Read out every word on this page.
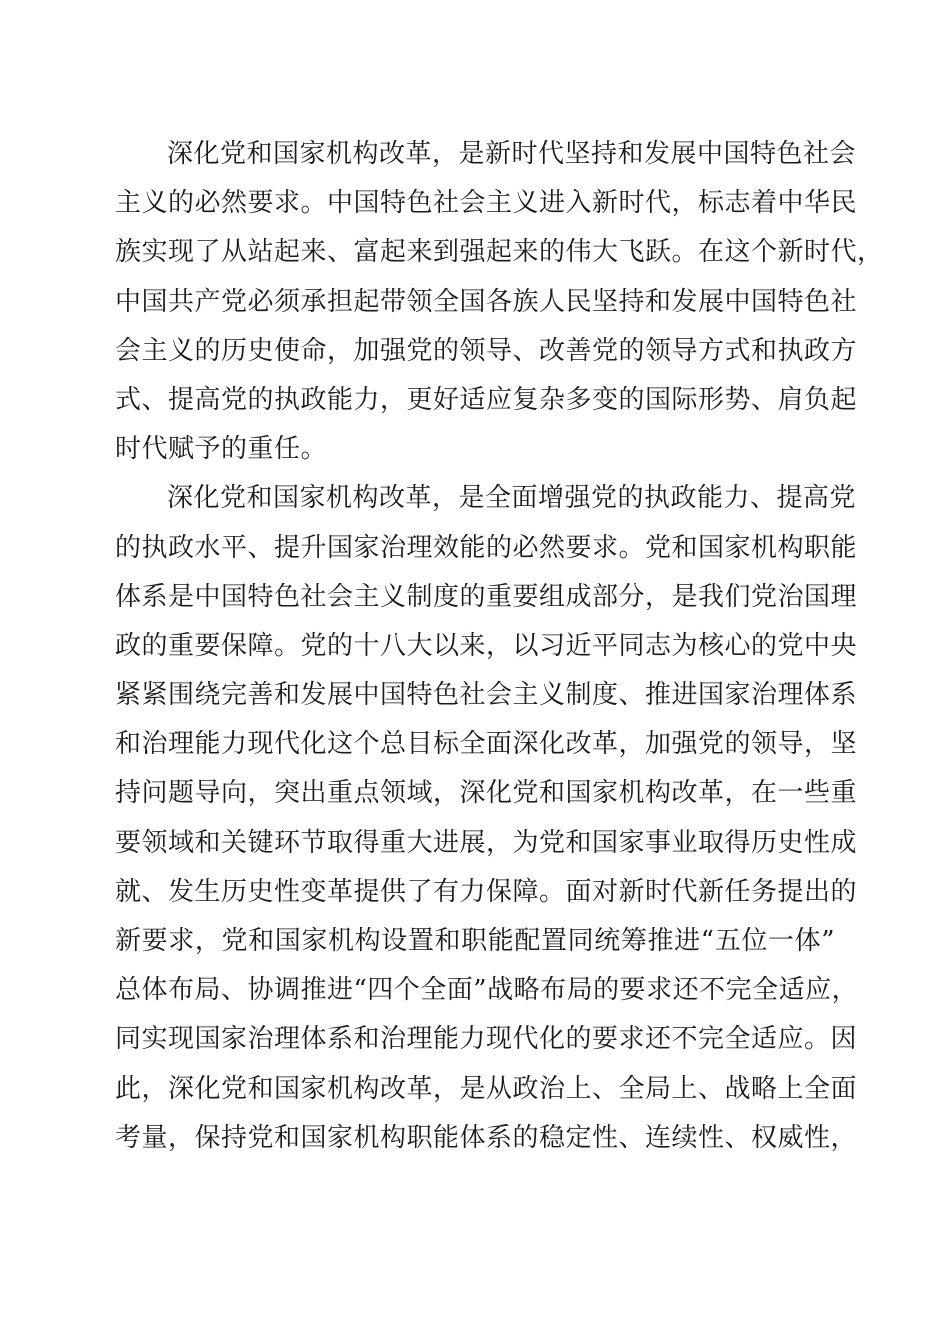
深化党和国家机构改革，是新时代坚持和发展中国特色社会
主义的必然要求。中国特色社会主义进入新时代，标志着中华民
族实现了从站起来、富起来到强起来的伟大飞跃。在这个新时代，
中国共产党必须承担起带领全国各族人民坚持和发展中国特色社
会主义的历史使命，加强党的领导、改善党的领导方式和执政方
式、提高党的执政能力，更好适应复杂多变的国际形势、肩负起
时代赋予的重任。
深化党和国家机构改革，是全面增强党的执政能力、提高党
的执政水平、提升国家治理效能的必然要求。党和国家机构职能
体系是中国特色社会主义制度的重要组成部分，是我们党治国理
政的重要保障。党的十八大以来，以习近平同志为核心的党中央
紧紧围绕完善和发展中国特色社会主义制度、推进国家治理体系
和治理能力现代化这个总目标全面深化改革，加强党的领导，坚
持问题导向，突出重点领域，深化党和国家机构改革，在一些重
要领域和关键环节取得重大进展，为党和国家事业取得历史性成
就、发生历史性变革提供了有力保障。面对新时代新任务提出的
新要求，党和国家机构设置和职能配置同统筹推进“五位一体”
总体布局、协调推进“四个全面”战略布局的要求还不完全适应，
同实现国家治理体系和治理能力现代化的要求还不完全适应。因
此，深化党和国家机构改革，是从政治上、全局上、战略上全面
考量，保持党和国家机构职能体系的稳定性、连续性、权威性，
